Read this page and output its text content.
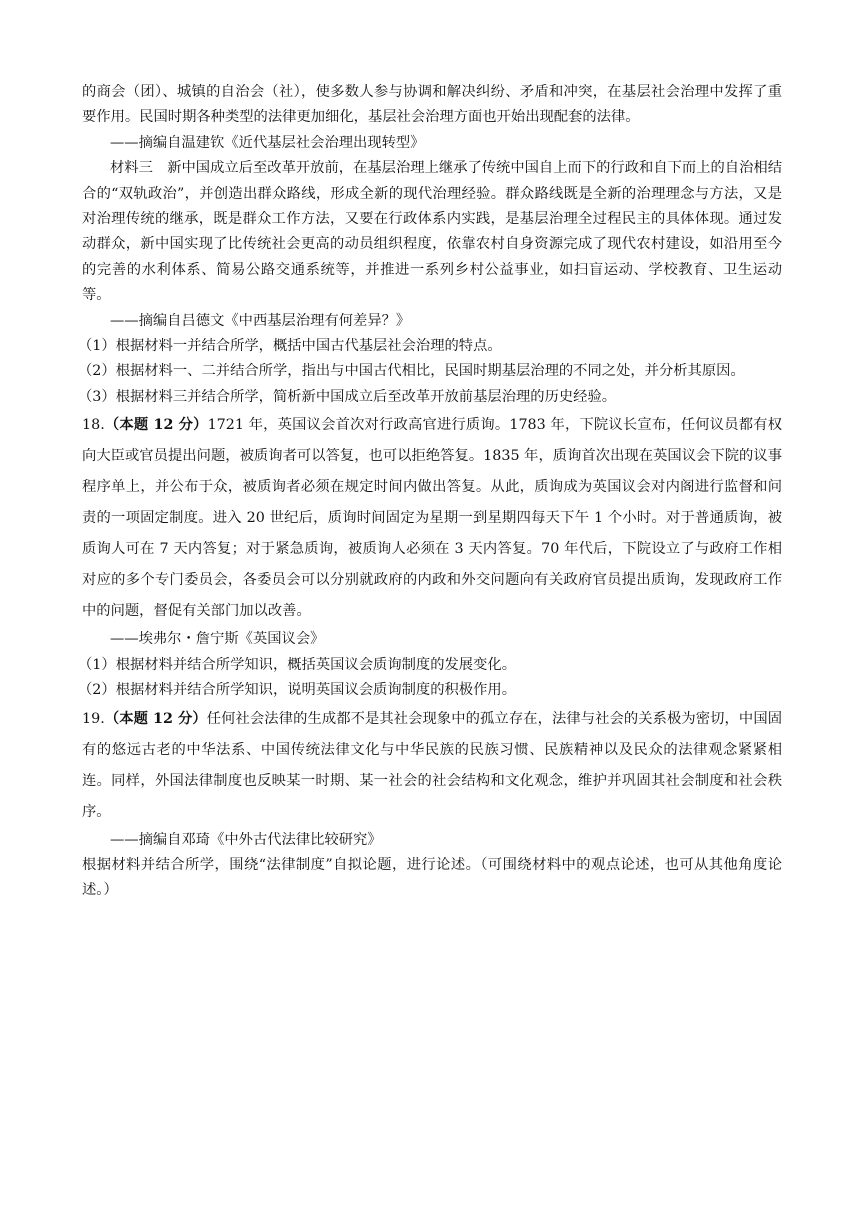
的商会（团）、城镇的自治会（社），使多数人参与协调和解决纠纷、矛盾和冲突，在基层社会治理中发挥了重要作用。民国时期各种类型的法律更加细化，基层社会治理方面也开始出现配套的法律。

——摘编自温建钦《近代基层社会治理出现转型》

材料三　新中国成立后至改革开放前，在基层治理上继承了传统中国自上而下的行政和自下而上的自治相结合的“双轨政治”，并创造出群众路线，形成全新的现代治理经验。群众路线既是全新的治理理念与方法，又是对治理传统的继承，既是群众工作方法，又要在行政体系内实践，是基层治理全过程民主的具体体现。通过发动群众，新中国实现了比传统社会更高的动员组织程度，依靠农村自身资源完成了现代农村建设，如沿用至今的完善的水利体系、简易公路交通系统等，并推进一系列乡村公益事业，如扫盲运动、学校教育、卫生运动等。

——摘编自吕德文《中西基层治理有何差异？》

（1）根据材料一并结合所学，概括中国古代基层社会治理的特点。

（2）根据材料一、二并结合所学，指出与中国古代相比，民国时期基层治理的不同之处，并分析其原因。

（3）根据材料三并结合所学，简析新中国成立后至改革开放前基层治理的历史经验。

18.（本题 12 分）1721 年，英国议会首次对行政高官进行质询。1783 年，下院议长宣布，任何议员都有权向大臣或官员提出问题，被质询者可以答复，也可以拒绝答复。1835 年，质询首次出现在英国议会下院的议事程序单上，并公布于众，被质询者必须在规定时间内做出答复。从此，质询成为英国议会对内阁进行监督和问责的一项固定制度。进入 20 世纪后，质询时间固定为星期一到星期四每天下午 1 个小时。对于普通质询，被质询人可在 7 天内答复；对于紧急质询，被质询人必须在 3 天内答复。70 年代后，下院设立了与政府工作相对应的多个专门委员会，各委员会可以分别就政府的内政和外交问题向有关政府官员提出质询，发现政府工作中的问题，督促有关部门加以改善。

——埃弗尔・詹宁斯《英国议会》

（1）根据材料并结合所学知识，概括英国议会质询制度的发展变化。

（2）根据材料并结合所学知识，说明英国议会质询制度的积极作用。

19.（本题 12 分）任何社会法律的生成都不是其社会现象中的孤立存在，法律与社会的关系极为密切，中国固有的悠远古老的中华法系、中国传统法律文化与中华民族的民族习惯、民族精神以及民众的法律观念紧紧相连。同样，外国法律制度也反映某一时期、某一社会的社会结构和文化观念，维护并巩固其社会制度和社会秩序。

——摘编自邓琦《中外古代法律比较研究》

根据材料并结合所学，围绕“法律制度”自拟论题，进行论述。（可围绕材料中的观点论述，也可从其他角度论述。）
